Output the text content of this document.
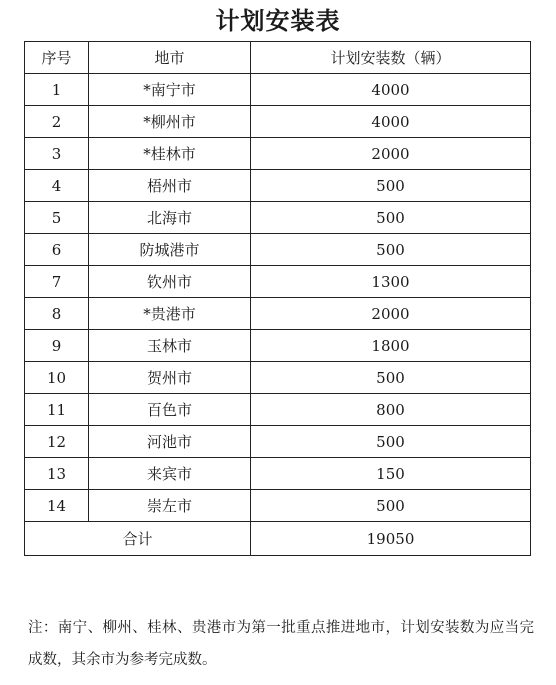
计划安装表
序号	地市	计划安装数（辆）
1	*南宁市	4000
2	*柳州市	4000
3	*桂林市	2000
4	梧州市	500
5	北海市	500
6	防城港市	500
7	钦州市	1300
8	*贵港市	2000
9	玉林市	1800
10	贺州市	500
11	百色市	800
12	河池市	500
13	来宾市	150
14	崇左市	500
合计		19050
注：南宁、柳州、桂林、贵港市为第一批重点推进地市，计划安装数为应当完成数，其余市为参考完成数。
